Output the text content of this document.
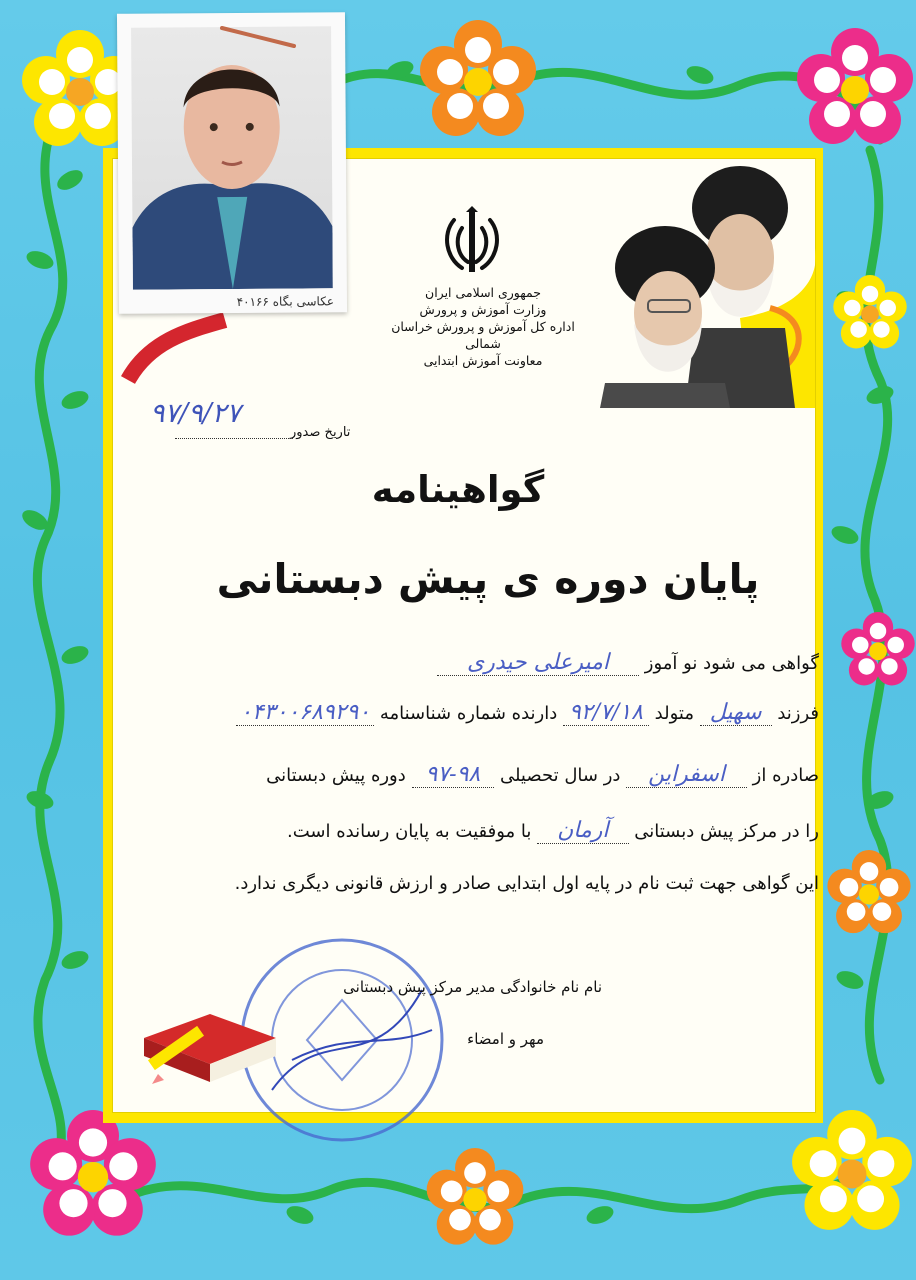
عکاسی بگاه ۴۰۱۶۶
جمهوری اسلامی ایران
وزارت آموزش و پرورش
اداره کل آموزش و پرورش خراسان شمالی
معاونت آموزش ابتدایی
تاریخ صدور
۹۷/۹/۲۷
گواهینامه
پایان دوره ی پیش دبستانی
گواهی می شود نو آموز امیرعلی حیدری
فرزند سهیل متولد ۹۲/۷/۱۸ دارنده شماره شناسنامه ۰۴۳۰۰۶۸۹۲۹۰
صادره از اسفراین در سال تحصیلی ۹۸-۹۷ دوره پیش دبستانی
را در مرکز پیش دبستانی آرمان با موفقیت به پایان رسانده است.
این گواهی جهت ثبت نام در پایه اول ابتدایی صادر و ارزش قانونی دیگری ندارد.
نام نام خانوادگی مدیر مرکز پیش دبستانی
مهر و امضاء
